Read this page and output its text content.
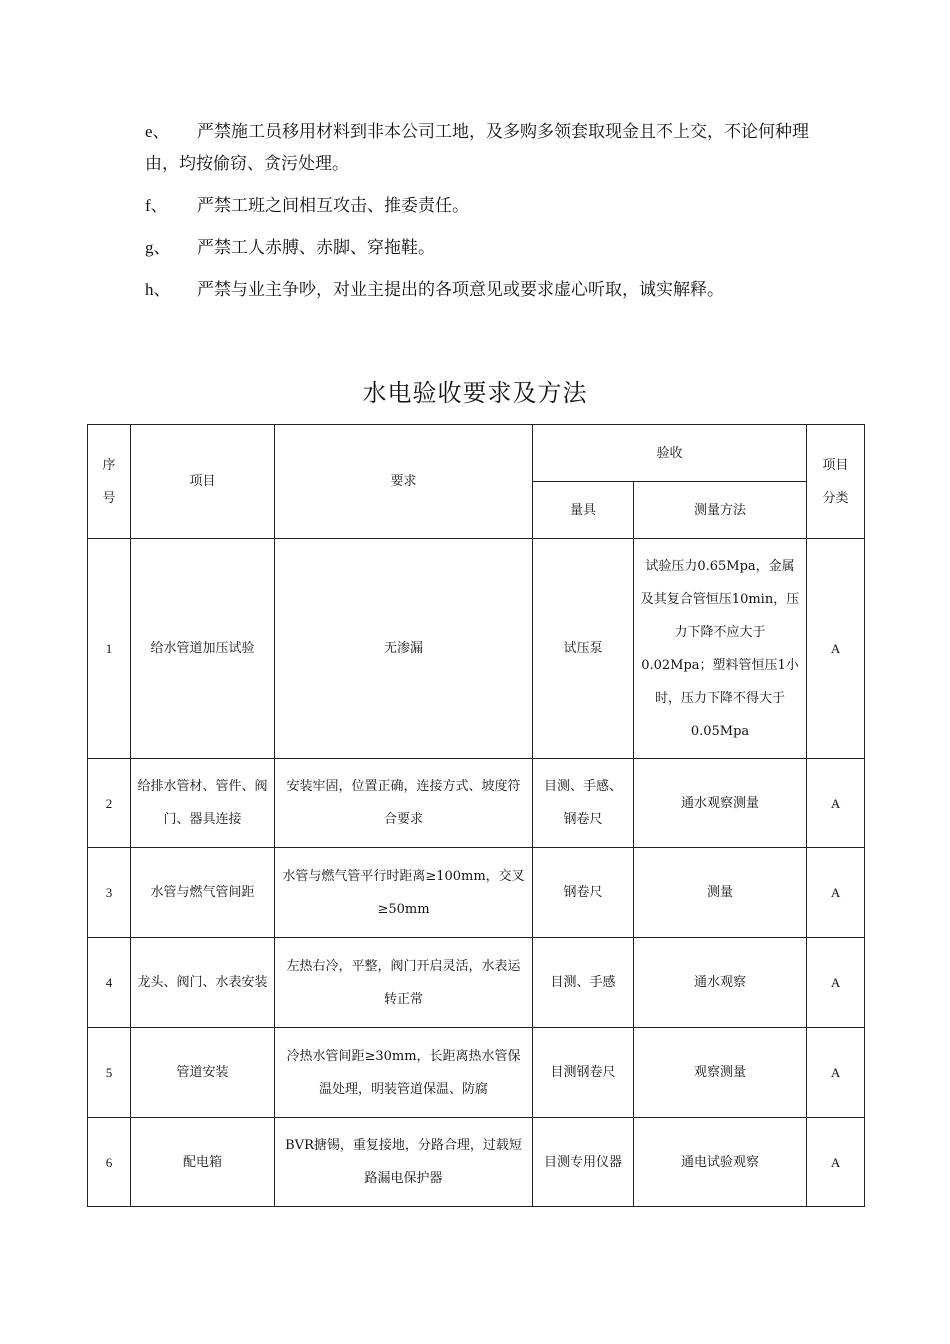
e、 严禁施工员移用材料到非本公司工地，及多购多领套取现金且不上交，不论何种理由，均按偷窃、贪污处理。

f、 严禁工班之间相互攻击、推委责任。

g、 严禁工人赤膊、赤脚、穿拖鞋。

h、 严禁与业主争吵，对业主提出的各项意见或要求虚心听取，诚实解释。

水电验收要求及方法
序号	项目	要求	验收		项目分类
			量具	测量方法	
1	给水管道加压试验	无渗漏	试压泵	试验压力0.65Mpa，金属及其复合管恒压10min，压力下降不应大于0.02Mpa；塑料管恒压1小时，压力下降不得大于0.05Mpa	A
2	给排水管材、管件、阀门、器具连接	安装牢固，位置正确，连接方式、坡度符合要求	目测、手感、钢卷尺	通水观察测量	A
3	水管与燃气管间距	水管与燃气管平行时距离≥100mm，交叉≥50mm	钢卷尺	测量	A
4	龙头、阀门、水表安装	左热右冷，平整，阀门开启灵活，水表运转正常	目测、手感	通水观察	A
5	管道安装	冷热水管间距≥30mm，长距离热水管保温处理，明装管道保温、防腐	目测钢卷尺	观察测量	A
6	配电箱	BVR搪锡，重复接地，分路合理，过载短路漏电保护器	目测专用仪器	通电试验观察	A
